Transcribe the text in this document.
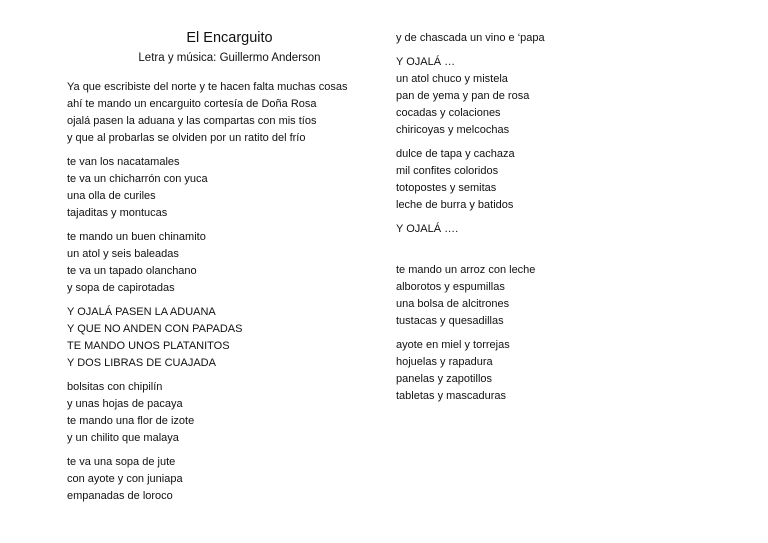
El Encarguito
Letra y música: Guillermo Anderson
Ya que escribiste del norte y te hacen falta muchas cosas
ahí te mando un encarguito cortesía de Doña Rosa
ojalá pasen la aduana y las compartas con mis tíos
y que al probarlas se olviden por un ratito del frío
te van los nacatamales
te va un chicharrón con yuca
una olla de curiles
tajaditas y montucas
te mando un buen chinamito
un atol y seis baleadas
te va un tapado olanchano
y sopa de capirotadas
Y OJALÁ PASEN LA ADUANA
Y QUE NO ANDEN CON PAPADAS
TE MANDO UNOS PLATANITOS
Y DOS LIBRAS DE CUAJADA
bolsitas con chipilín
y unas hojas de pacaya
te mando una flor de izote
y un chilito que malaya
te va una sopa de jute
con ayote y con juniapa
empanadas de loroco
y de chascada un vino e ‘papa
Y OJALÁ …
un atol chuco y mistela
pan de yema y pan de rosa
cocadas y colaciones
chiricoyas y melcochas
dulce de tapa y cachaza
mil confites coloridos
totopostes y semitas
leche de burra y batidos
Y OJALÁ ….
te mando un arroz con leche
alborotos y espumillas
una bolsa de alcitrones
tustacas y quesadillas
ayote en miel y torrejas
hojuelas y rapadura
panelas y zapotillos
tabletas y mascaduras
